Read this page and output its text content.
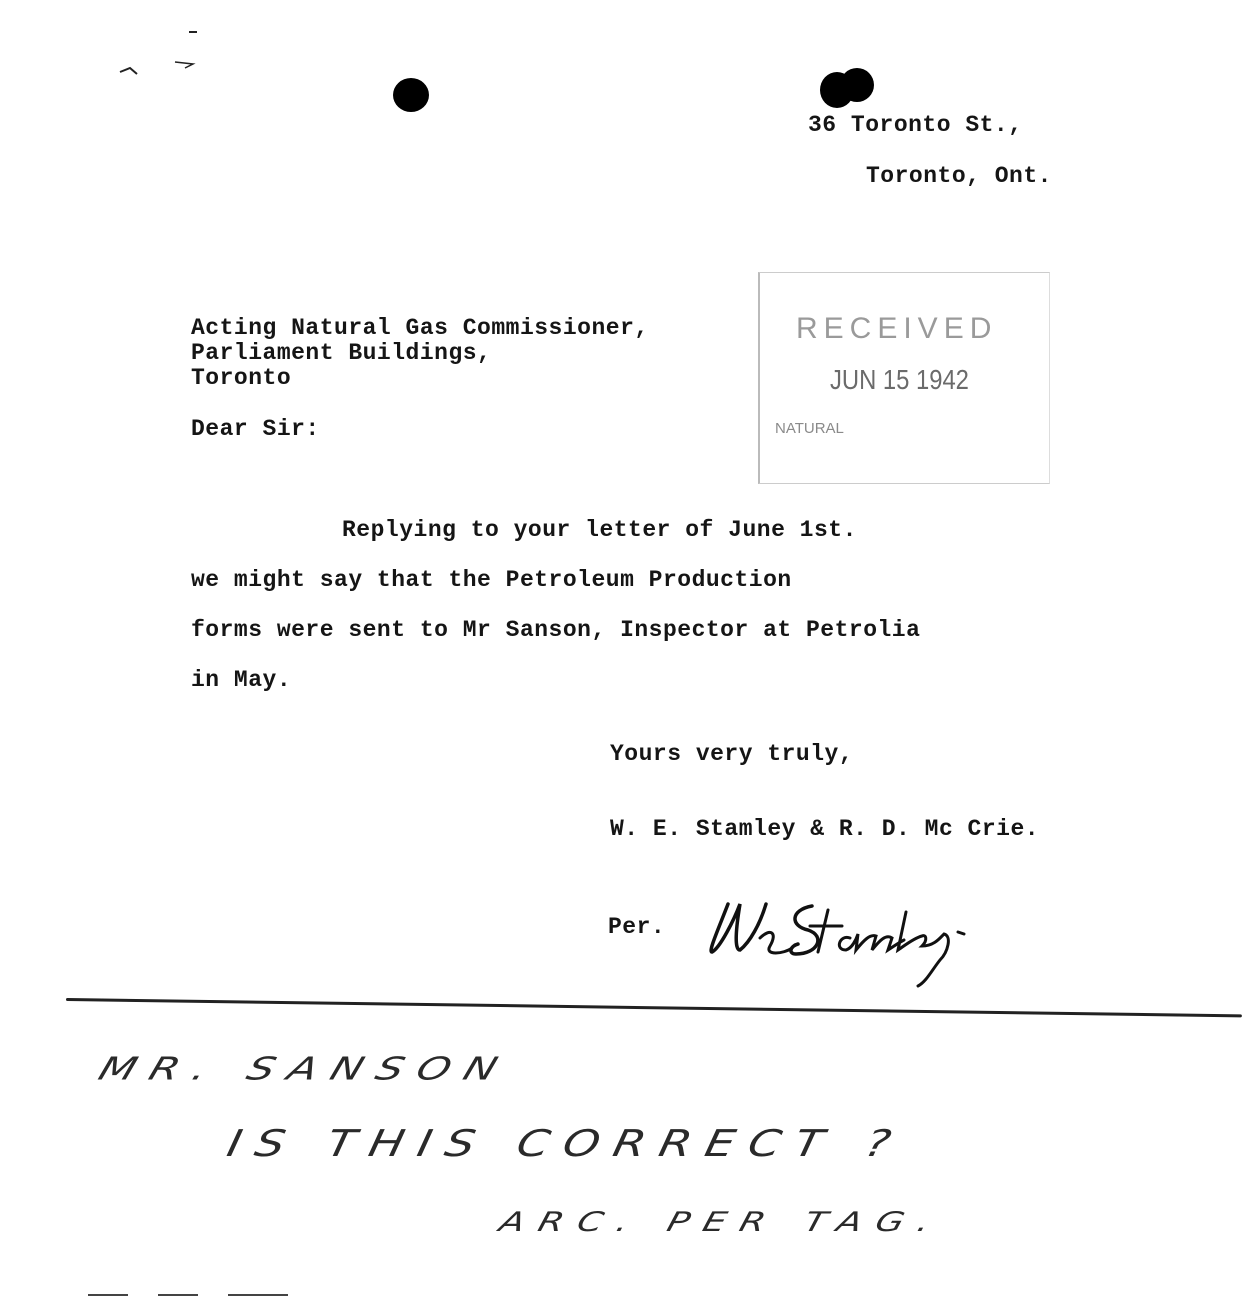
36 Toronto St.,
Toronto, Ont.
Acting Natural Gas Commissioner,
Parliament Buildings,
Toronto
Dear Sir:
RECEIVED
JUN 15 1942
NATURAL
Replying to your letter of June 1st.
we might say that the Petroleum Production
forms were sent to Mr Sanson, Inspector at Petrolia
in May.
Yours very truly,
W. E. Stamley & R. D. Mc Crie.
Per.
MR. SANSON
IS THIS CORRECT ?
ARC. PER TAG.
